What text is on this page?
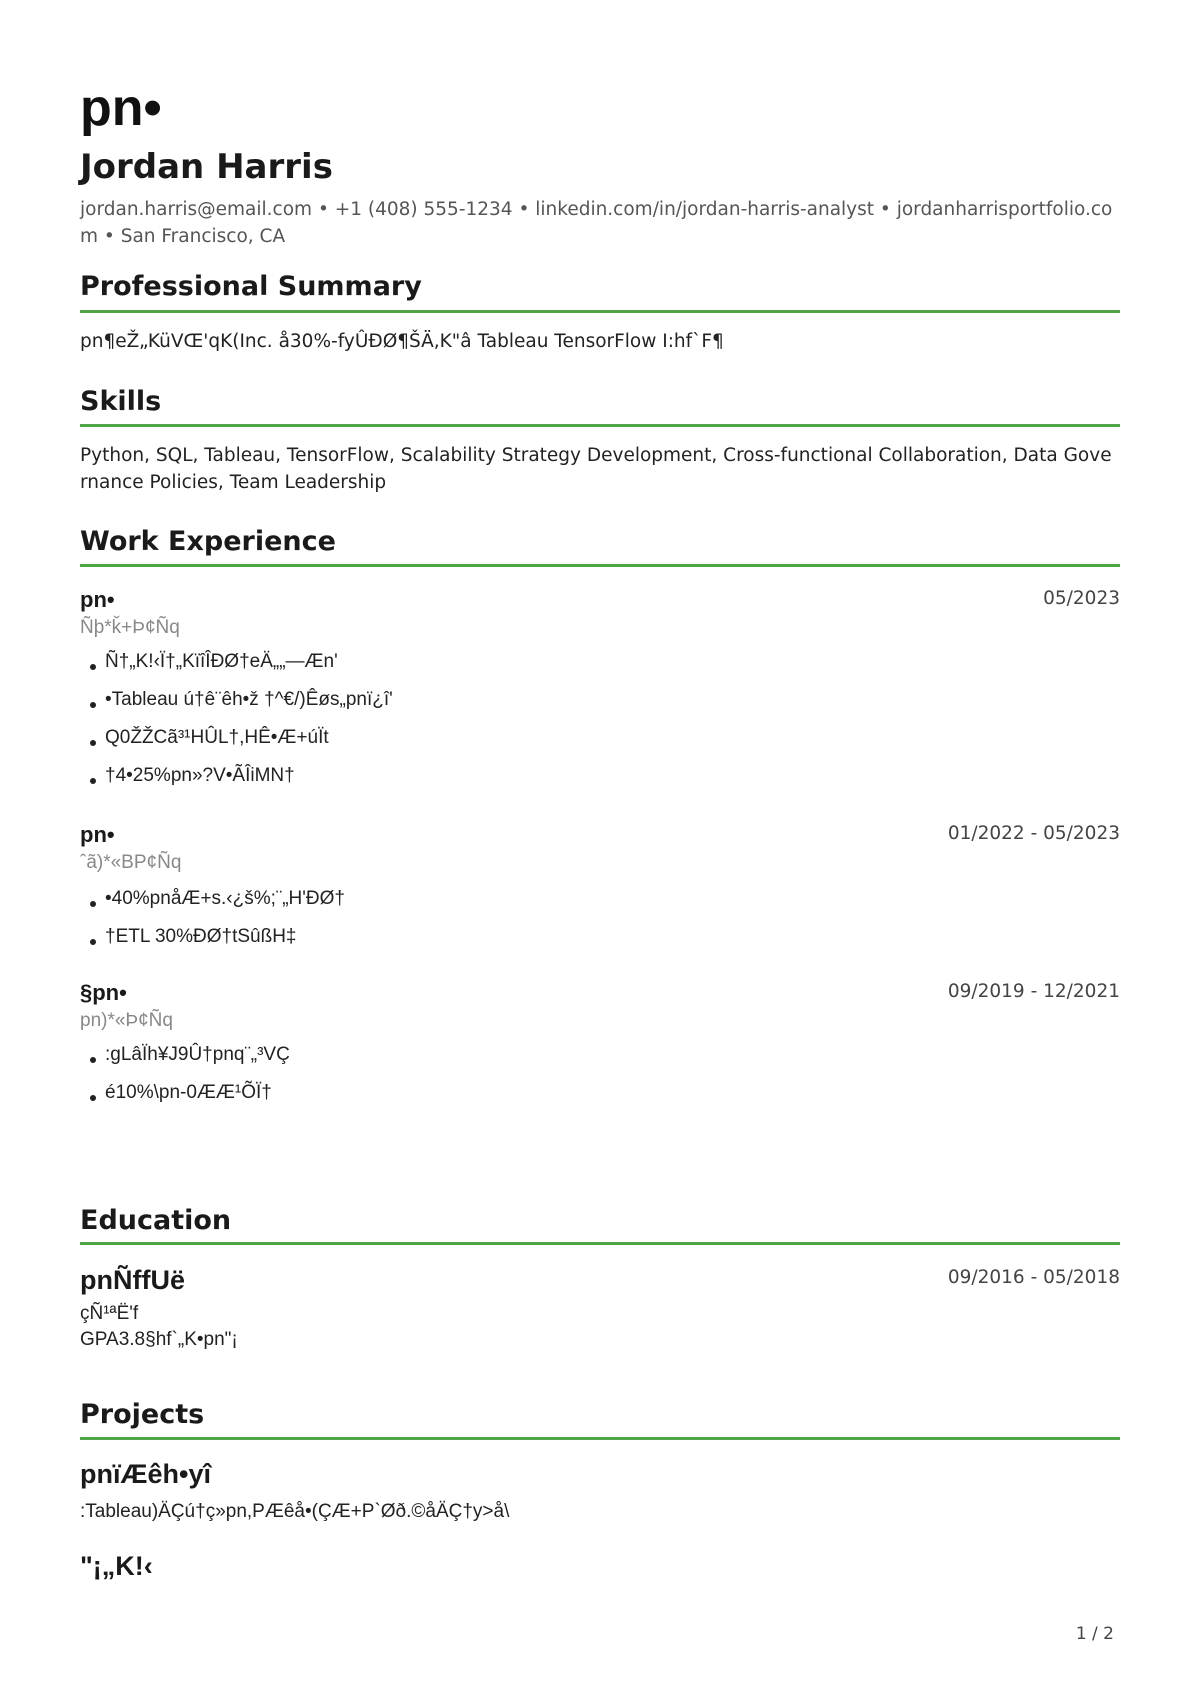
pn•
Jordan Harris
jordan.harris@email.com • +1 (408) 555-1234 • linkedin.com/in/jordan-harris-analyst • jordanharrisportfolio.co m • San Francisco, CA
Professional Summary
pn¶eŽ„KüVŒ'qK(Inc. å30%-fyÛÐØ¶ŠÄ,K"â Tableau TensorFlow I:hf`F¶
Skills
Python, SQL, Tableau, TensorFlow, Scalability Strategy Development, Cross-functional Collaboration, Data Gove rnance Policies, Team Leadership
Work Experience
pn•	05/2023
Ñþ*ǩ+Þ¢Ñq
Ñ†„K!‹Ï†„KïîÎÐØ†eÄ„„—Æn'
•Tableau ú†ê¨êh•ž †^€/)Êøs„pnï¿î'
Q0ŽŽCã³¹HÛL†,HÊ•Æ+úÏt
†4•25%pn»?V•ÃÎiMN†
pn•	01/2022 - 05/2023
ˆã)*«BP¢Ñq
•40%pnåÆ+s.‹¿š%;¨„H'ÐØ†
†ETL 30%ÐØ†tSûßH‡
§pn•	09/2019 - 12/2021
pn)*«Þ¢Ñq
:gLâÏh¥J9Û†pnq¨„³VÇ
é10%\pn-0ÆÆ¹ÕÏ†
Education
pnÑffUë	09/2016 - 05/2018
çÑ¹ªË'f
GPA3.8§hf`„K•pn"¡
Projects
pnïÆêh•yî
:Tableau)ÄÇú†ç»pn,PÆêå•(ÇÆ+P`Øð.©åÄÇ†y>å\
"¡„K!‹
1 / 2
